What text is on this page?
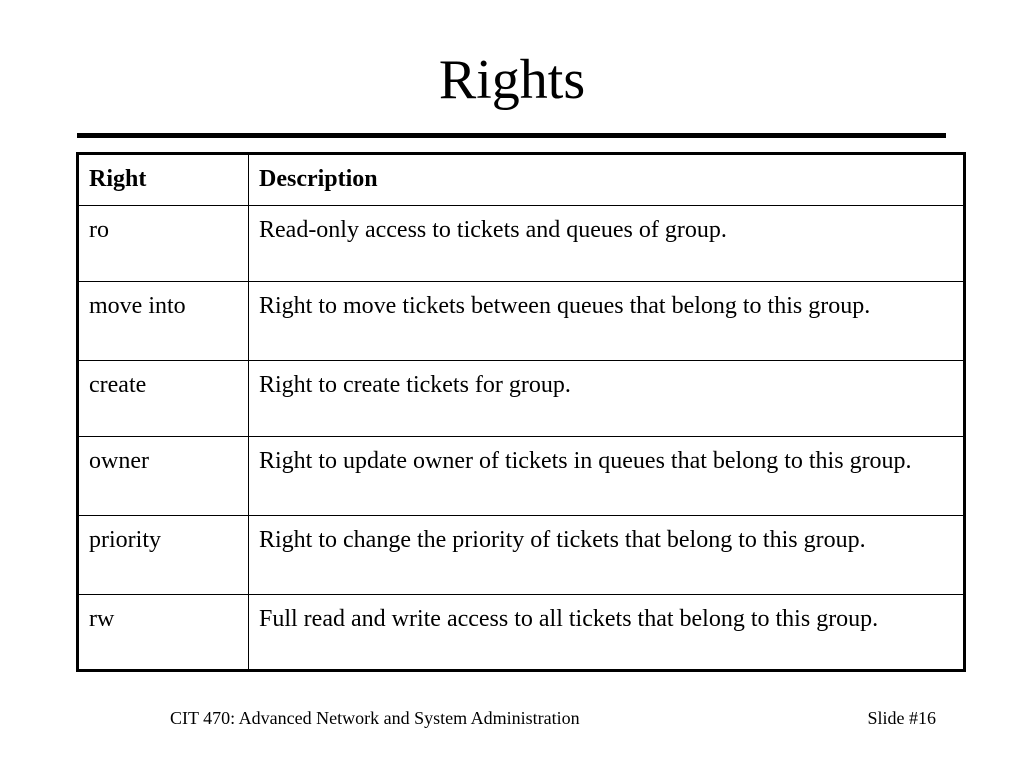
Rights
Right	Description
ro	Read-only access to tickets and queues of group.
move into	Right to move tickets between queues that belong to this group.
create	Right to create tickets for group.
owner	Right to update owner of tickets in queues that belong to this group.
priority	Right to change the priority of tickets that belong to this group.
rw	Full read and write access to all tickets that belong to this group.
CIT 470: Advanced Network and System Administration	Slide #16
